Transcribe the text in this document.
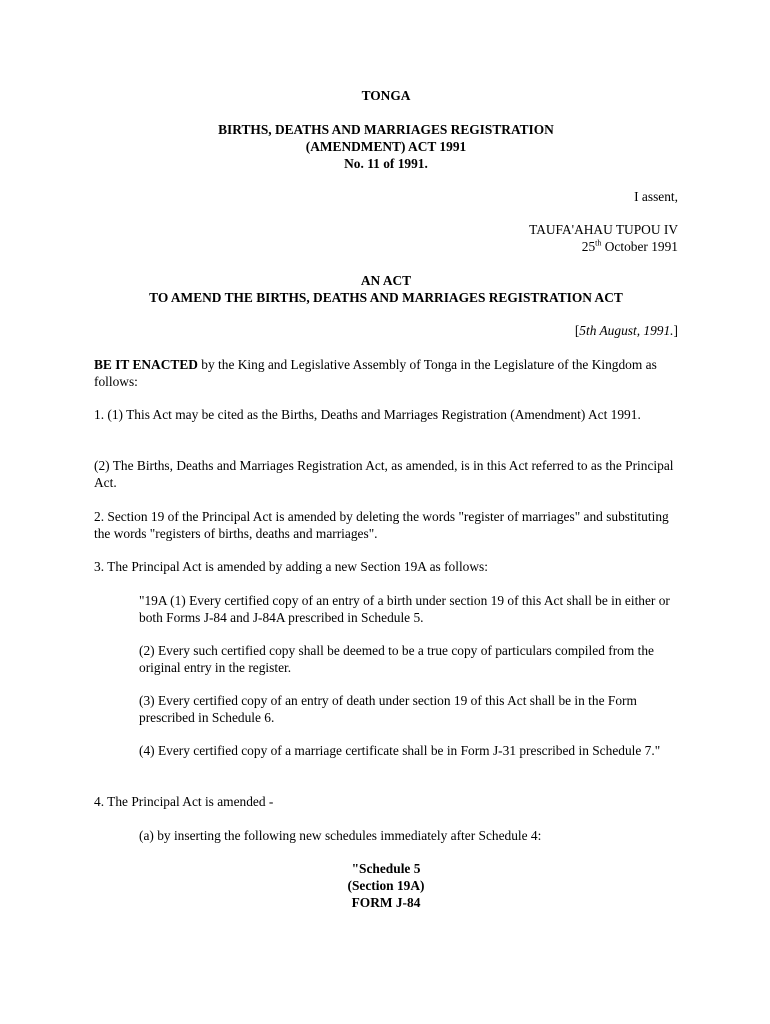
TONGA

BIRTHS, DEATHS AND MARRIAGES REGISTRATION
(AMENDMENT) ACT 1991
No. 11 of 1991.

I assent,

TAUFA'AHAU TUPOU IV
25th October 1991
AN ACT
TO AMEND THE BIRTHS, DEATHS AND MARRIAGES REGISTRATION ACT

[5th August, 1991.]

BE IT ENACTED by the King and Legislative Assembly of Tonga in the Legislature of the Kingdom as follows:

1. (1) This Act may be cited as the Births, Deaths and Marriages Registration (Amendment) Act 1991.

(2) The Births, Deaths and Marriages Registration Act, as amended, is in this Act referred to as the Principal Act.

2. Section 19 of the Principal Act is amended by deleting the words "register of marriages" and substituting the words "registers of births, deaths and marriages".

3. The Principal Act is amended by adding a new Section 19A as follows:

"19A (1) Every certified copy of an entry of a birth under section 19 of this Act shall be in either or both Forms J-84 and J-84A prescribed in Schedule 5.

(2) Every such certified copy shall be deemed to be a true copy of particulars compiled from the original entry in the register.

(3) Every certified copy of an entry of death under section 19 of this Act shall be in the Form prescribed in Schedule 6.

(4) Every certified copy of a marriage certificate shall be in Form J-31 prescribed in Schedule 7."

4. The Principal Act is amended -

(a) by inserting the following new schedules immediately after Schedule 4:

"Schedule 5
(Section 19A)
FORM J-84
